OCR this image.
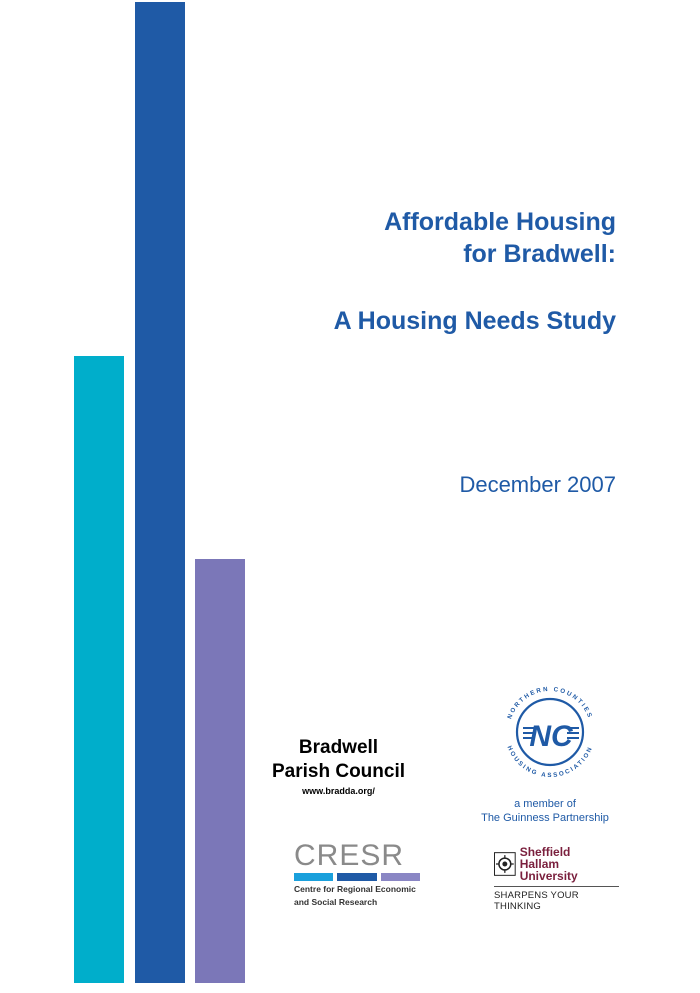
Affordable Housing

for Bradwell:

A Housing Needs Study

December 2007

Bradwell
Parish Council
www.bradda.org/
CRESR
Centre for Regional Economic
and Social Research
NORTHERN COUNTIES
HOUSING ASSOCIATION
NC
a member of
The Guinness Partnership
Sheffield
Hallam University
SHARPENS YOUR THINKING
